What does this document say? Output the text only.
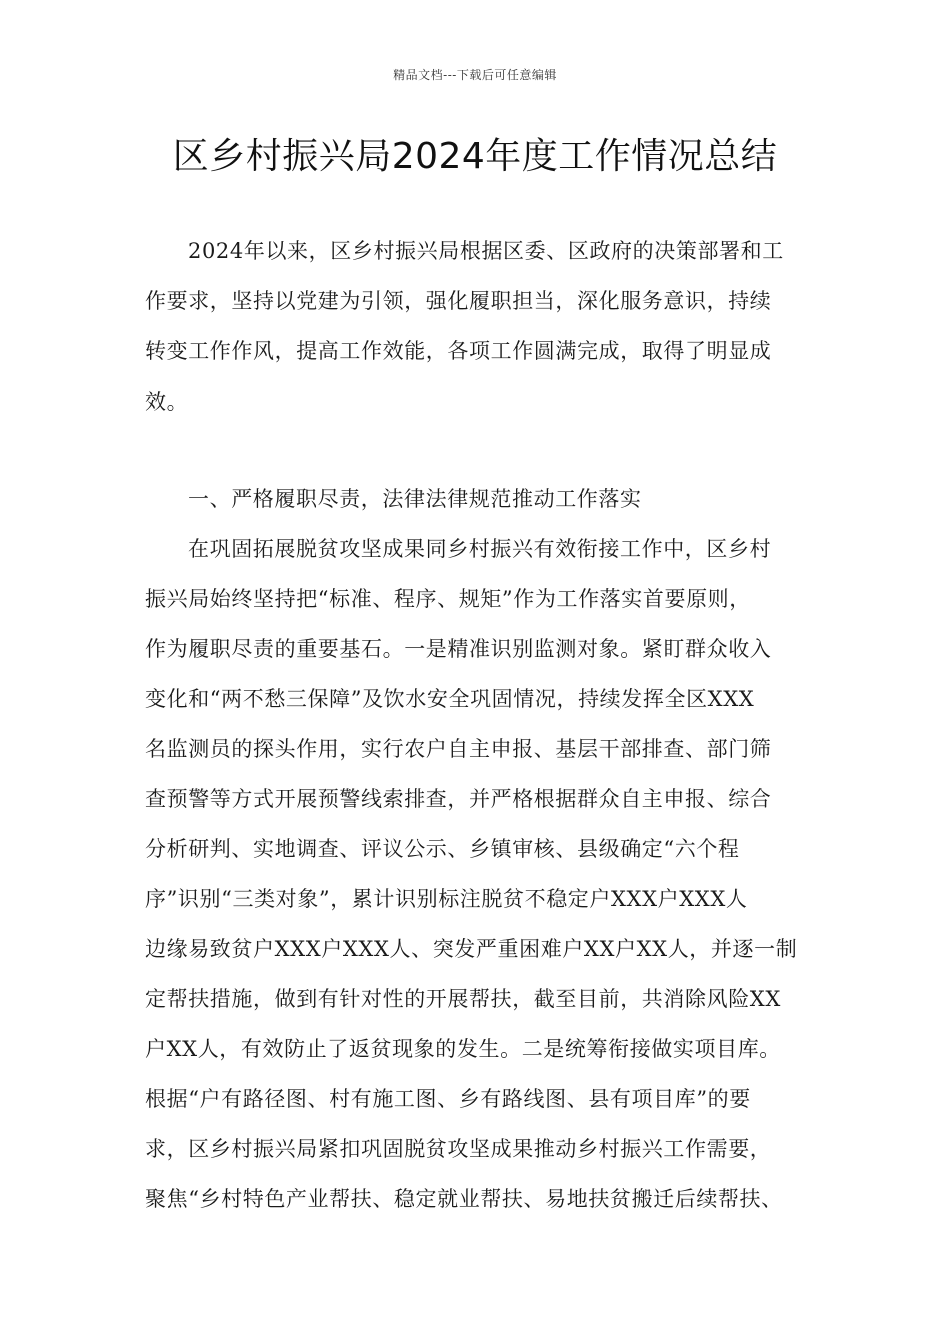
精品文档---下载后可任意编辑
区乡村振兴局2024年度工作情况总结
2024年以来，区乡村振兴局根据区委、区政府的决策部署和工
作要求，坚持以党建为引领，强化履职担当，深化服务意识，持续
转变工作作风，提高工作效能，各项工作圆满完成，取得了明显成
效。
一、严格履职尽责，法律法律规范推动工作落实
在巩固拓展脱贫攻坚成果同乡村振兴有效衔接工作中，区乡村
振兴局始终坚持把“标准、程序、规矩”作为工作落实首要原则，
作为履职尽责的重要基石。一是精准识别监测对象。紧盯群众收入
变化和“两不愁三保障”及饮水安全巩固情况，持续发挥全区XXX
名监测员的探头作用，实行农户自主申报、基层干部排查、部门筛
查预警等方式开展预警线索排查，并严格根据群众自主申报、综合
分析研判、实地调查、评议公示、乡镇审核、县级确定“六个程
序”识别“三类对象”，累计识别标注脱贫不稳定户XXX户XXX人
边缘易致贫户XXX户XXX人、突发严重困难户XX户XX人，并逐一制
定帮扶措施，做到有针对性的开展帮扶，截至目前，共消除风险XX
户XX人，有效防止了返贫现象的发生。二是统筹衔接做实项目库。
根据“户有路径图、村有施工图、乡有路线图、县有项目库”的要
求，区乡村振兴局紧扣巩固脱贫攻坚成果推动乡村振兴工作需要，
聚焦“乡村特色产业帮扶、稳定就业帮扶、易地扶贫搬迁后续帮扶、
